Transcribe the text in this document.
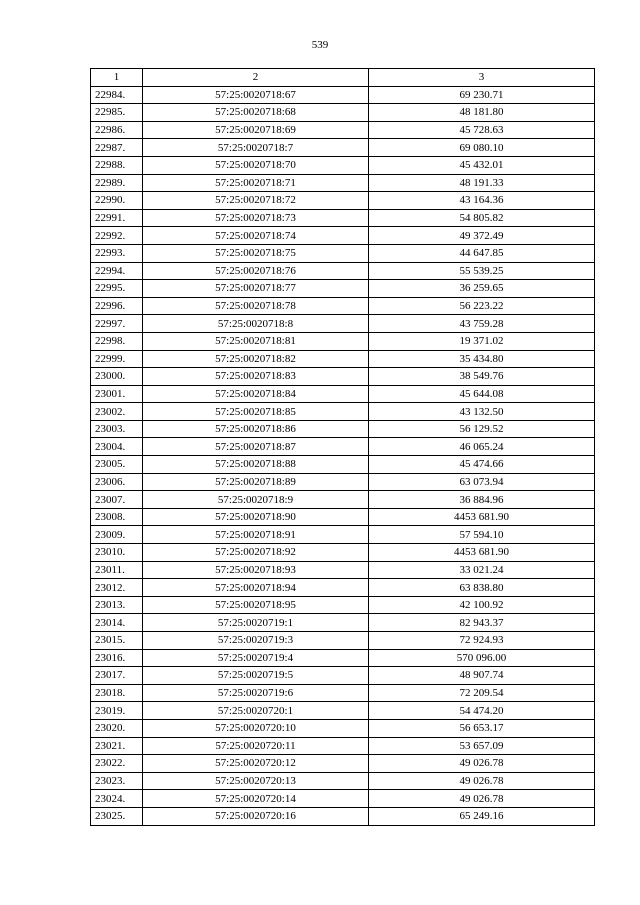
539
1	2	3
22984.	57:25:0020718:67	69 230.71
22985.	57:25:0020718:68	48 181.80
22986.	57:25:0020718:69	45 728.63
22987.	57:25:0020718:7	69 080.10
22988.	57:25:0020718:70	45 432.01
22989.	57:25:0020718:71	48 191.33
22990.	57:25:0020718:72	43 164.36
22991.	57:25:0020718:73	54 805.82
22992.	57:25:0020718:74	49 372.49
22993.	57:25:0020718:75	44 647.85
22994.	57:25:0020718:76	55 539.25
22995.	57:25:0020718:77	36 259.65
22996.	57:25:0020718:78	56 223.22
22997.	57:25:0020718:8	43 759.28
22998.	57:25:0020718:81	19 371.02
22999.	57:25:0020718:82	35 434.80
23000.	57:25:0020718:83	38 549.76
23001.	57:25:0020718:84	45 644.08
23002.	57:25:0020718:85	43 132.50
23003.	57:25:0020718:86	56 129.52
23004.	57:25:0020718:87	46 065.24
23005.	57:25:0020718:88	45 474.66
23006.	57:25:0020718:89	63 073.94
23007.	57:25:0020718:9	36 884.96
23008.	57:25:0020718:90	4453 681.90
23009.	57:25:0020718:91	57 594.10
23010.	57:25:0020718:92	4453 681.90
23011.	57:25:0020718:93	33 021.24
23012.	57:25:0020718:94	63 838.80
23013.	57:25:0020718:95	42 100.92
23014.	57:25:0020719:1	82 943.37
23015.	57:25:0020719:3	72 924.93
23016.	57:25:0020719:4	570 096.00
23017.	57:25:0020719:5	48 907.74
23018.	57:25:0020719:6	72 209.54
23019.	57:25:0020720:1	54 474.20
23020.	57:25:0020720:10	56 653.17
23021.	57:25:0020720:11	53 657.09
23022.	57:25:0020720:12	49 026.78
23023.	57:25:0020720:13	49 026.78
23024.	57:25:0020720:14	49 026.78
23025.	57:25:0020720:16	65 249.16
